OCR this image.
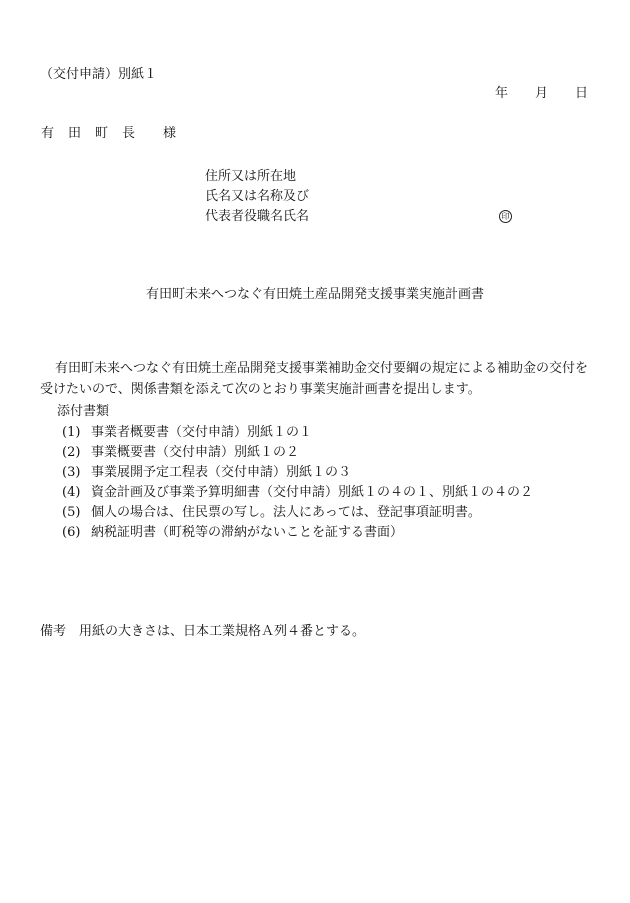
（交付申請）別紙１
年 月 日
有田町長 様
住所又は所在地
氏名又は名称及び
代表者役職名氏名	印
有田町未来へつなぐ有田焼土産品開発支援事業実施計画書

有田町未来へつなぐ有田焼土産品開発支援事業補助金交付要綱の規定による補助金の交付を受けたいので、関係書類を添えて次のとおり事業実施計画書を提出します。

添付書類
(1) 事業者概要書（交付申請）別紙１の１
(2) 事業概要書（交付申請）別紙１の２
(3) 事業展開予定工程表（交付申請）別紙１の３
(4) 資金計画及び事業予算明細書（交付申請）別紙１の４の１、別紙１の４の２
(5) 個人の場合は、住民票の写し。法人にあっては、登記事項証明書。
(6) 納税証明書（町税等の滞納がないことを証する書面）
備考 用紙の大きさは、日本工業規格Ａ列４番とする。
